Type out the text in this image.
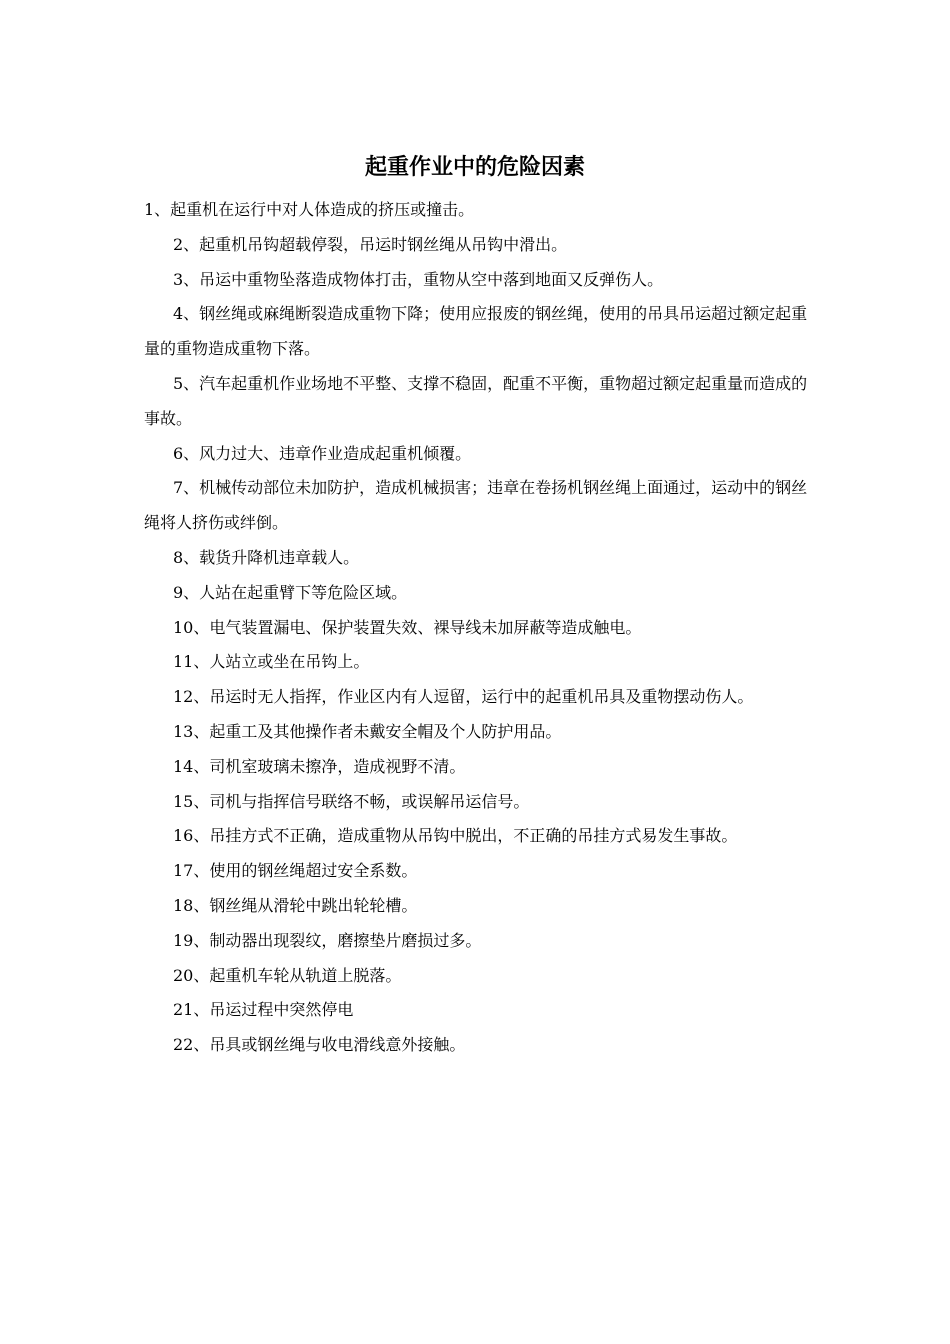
起重作业中的危险因素

1、起重机在运行中对人体造成的挤压或撞击。

2、起重机吊钩超载停裂，吊运时钢丝绳从吊钩中滑出。

3、吊运中重物坠落造成物体打击，重物从空中落到地面又反弹伤人。

4、钢丝绳或麻绳断裂造成重物下降；使用应报废的钢丝绳，使用的吊具吊运超过额定起重量的重物造成重物下落。

5、汽车起重机作业场地不平整、支撑不稳固，配重不平衡，重物超过额定起重量而造成的事故。

6、风力过大、违章作业造成起重机倾覆。

7、机械传动部位未加防护，造成机械损害；违章在卷扬机钢丝绳上面通过，运动中的钢丝绳将人挤伤或绊倒。

8、载货升降机违章载人。

9、人站在起重臂下等危险区域。

10、电气装置漏电、保护装置失效、裸导线未加屏蔽等造成触电。

11、人站立或坐在吊钩上。

12、吊运时无人指挥，作业区内有人逗留，运行中的起重机吊具及重物摆动伤人。

13、起重工及其他操作者未戴安全帽及个人防护用品。

14、司机室玻璃未擦净，造成视野不清。

15、司机与指挥信号联络不畅，或误解吊运信号。

16、吊挂方式不正确，造成重物从吊钩中脱出，不正确的吊挂方式易发生事故。

17、使用的钢丝绳超过安全系数。

18、钢丝绳从滑轮中跳出轮轮槽。

19、制动器出现裂纹，磨擦垫片磨损过多。

20、起重机车轮从轨道上脱落。

21、吊运过程中突然停电

22、吊具或钢丝绳与收电滑线意外接触。
